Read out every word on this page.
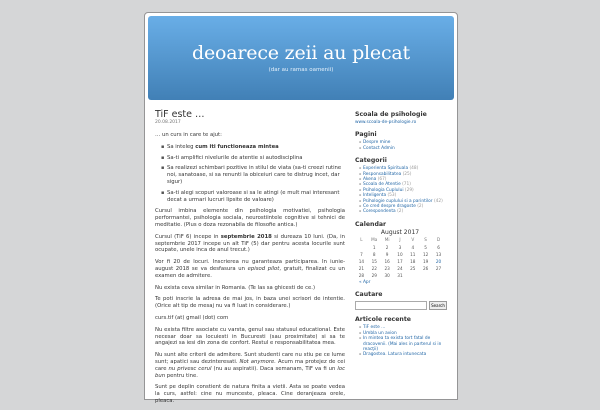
deoarece zeii au plecat
(dar au ramas oamenii)
TiF este …
20.08.2017

… un curs in care te ajut:

▪ Sa inteleg cum iti functioneaza mintea
▪ Sa-ti amplifici nivelurile de atentie si autodisciplina
▪ Sa realizezi schimbari pozitive in stilul de viata (sa-ti creezi rutine noi, sanatoase, si sa renunti la obiceiuri care te distrug incet, dar sigur)
▪ Sa-ti alegi scopuri valoroase si sa le atingi (e mult mai interesant decat a urmari lucruri lipsite de valoare)

Cursul imbina elemente din psihologia motivatiei, psihologia performantei, psihologia sociala, neurostiintele cognitive si tehnici de meditatie. (Plus o doza rezonabila de filosofie antica.)

Cursul (TiF 6) incepe in septembrie 2018 si dureaza 10 luni. (Da, in septembrie 2017 incepe un alt TiF (5) dar pentru acesta locurile sunt ocupate, unele inca de anul trecut.)

Vor fi 20 de locuri. Inscrierea nu garanteaza participarea. In iunie-august 2018 se va desfasura un episod pilot, gratuit, finalizat cu un examen de admitere.

Nu exista ceva similar in Romania. (Te las sa ghicesti de ce.)

Te poti inscrie la adresa de mai jos, in baza unei scrisori de intentie. (Orice alt tip de mesaj nu va fi luat in considerare.)

curs.tif (at) gmail (dot) com

Nu exista filtre asociate cu varsta, genul sau statusul educational. Este necesar doar sa locuiesti in Bucuresti (sau proximitate) si sa te angajezi sa iesi din zona de confort. Restul e responsabilitatea mea.

Nu sunt alte criterii de admitere. Sunt studenti care nu stiu pe ce lume sunt; apatici sau dezinteresati. Not anymore. Acum ma protejez de cei care nu privesc cerul (nu au aspiratii). Daca semanam, TiF va fi un loc bun pentru tine.

Sunt pe deplin constient de natura finita a vietii. Asta se poate vedea la curs, astfel: cine nu munceste, pleaca. Cine deranjeaza orele, pleaca.

Scoala de psihologie
www.scoala-de-psihologie.ro
Pagini
▪ Despre mine
▪ Contact Admin
Categorii
▪ Experienta Spirituala (48)
▪ Responsabilitatea (25)
▪ Akena (67)
▪ Scoala de Atentie (71)
▪ Psihologia Cuplului (29)
▪ Inteligenta (53)
▪ Psihologie cuplului si a parintilor (42)
▪ Ce cred despre dragoste (2)
▪ Corespondenta (2)
Calendar
August 2017
L	Ma	Mi	J	V	S	D
	1	2	3	4	5	6
7	8	9	10	11	12	13
14	15	16	17	18	19	20
21	22	23	24	25	26	27
28	29	30	31			
« Apr
Cautare
Search
Articole recente
▪ TiF este …
▪ Umbla un avion
▪ In mintea ta exista tort fatal de dracovenii. (Mai ales in parterul si in reacţii)
▪ Dragostea. Latura intunecata
